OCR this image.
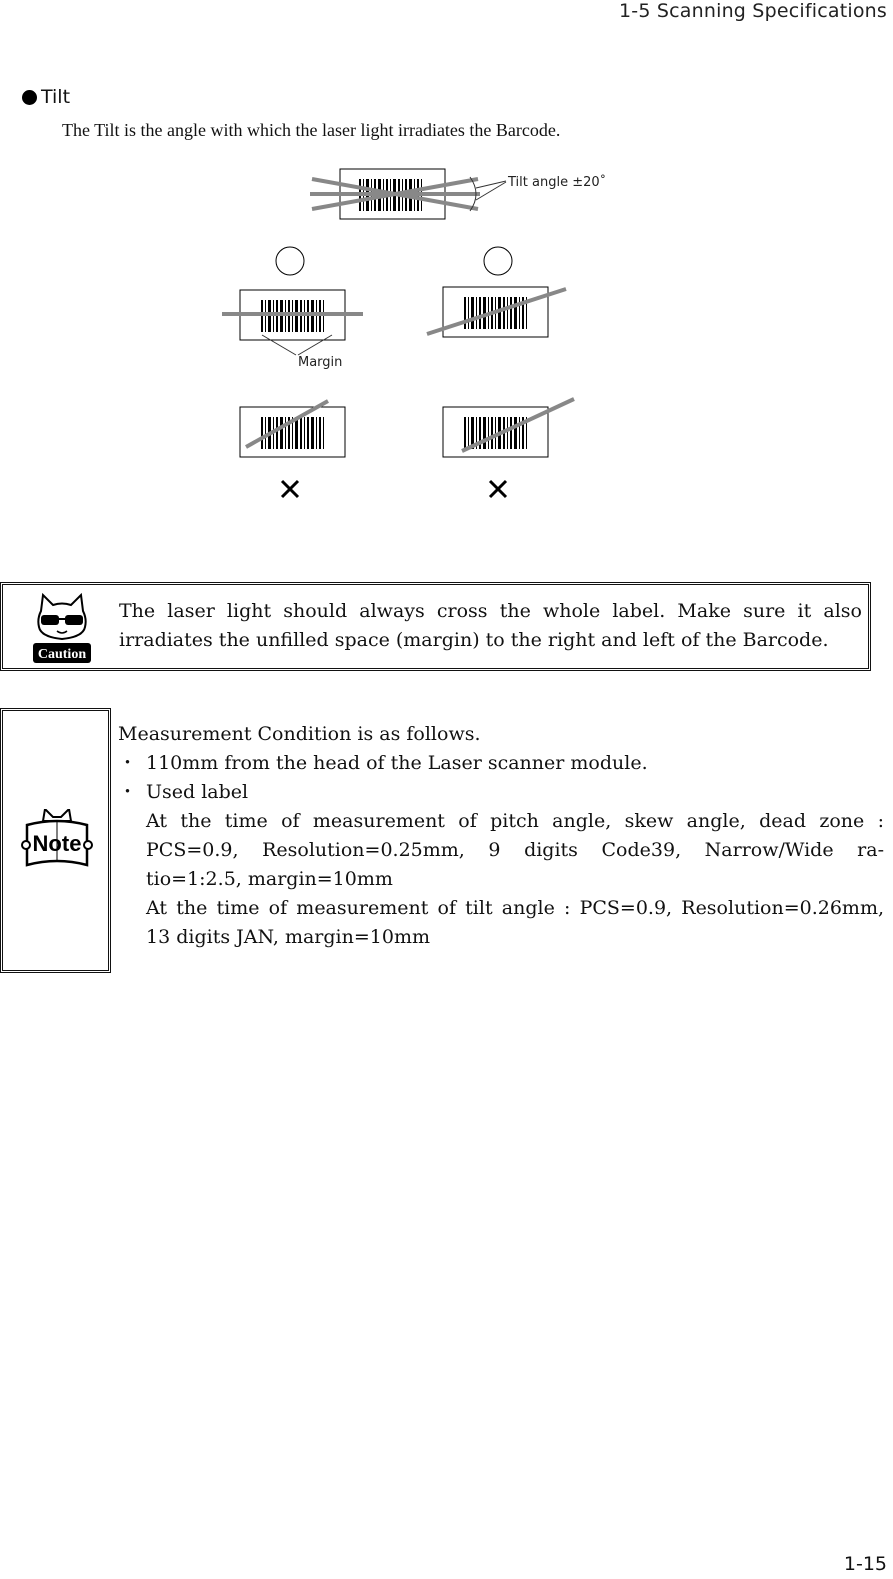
1-5 Scanning Specifications
Tilt
The Tilt is the angle with which the laser light irradiates the Barcode.
Tilt angle ±20˚
Margin
Caution
The laser light should always cross the whole label. Make sure it also

irradiates the unfilled space (margin) to the right and left of the Barcode.
Note
Measurement Condition is as follows.
・ 110mm from the head of the Laser scanner module.
・ Used label
At the time of measurement of pitch angle, skew angle, dead zone :
PCS=0.9, Resolution=0.25mm, 9 digits Code39, Narrow/Wide ra-
tio=1:2.5, margin=10mm
At the time of measurement of tilt angle : PCS=0.9, Resolution=0.26mm,
13 digits JAN, margin=10mm
1-15
